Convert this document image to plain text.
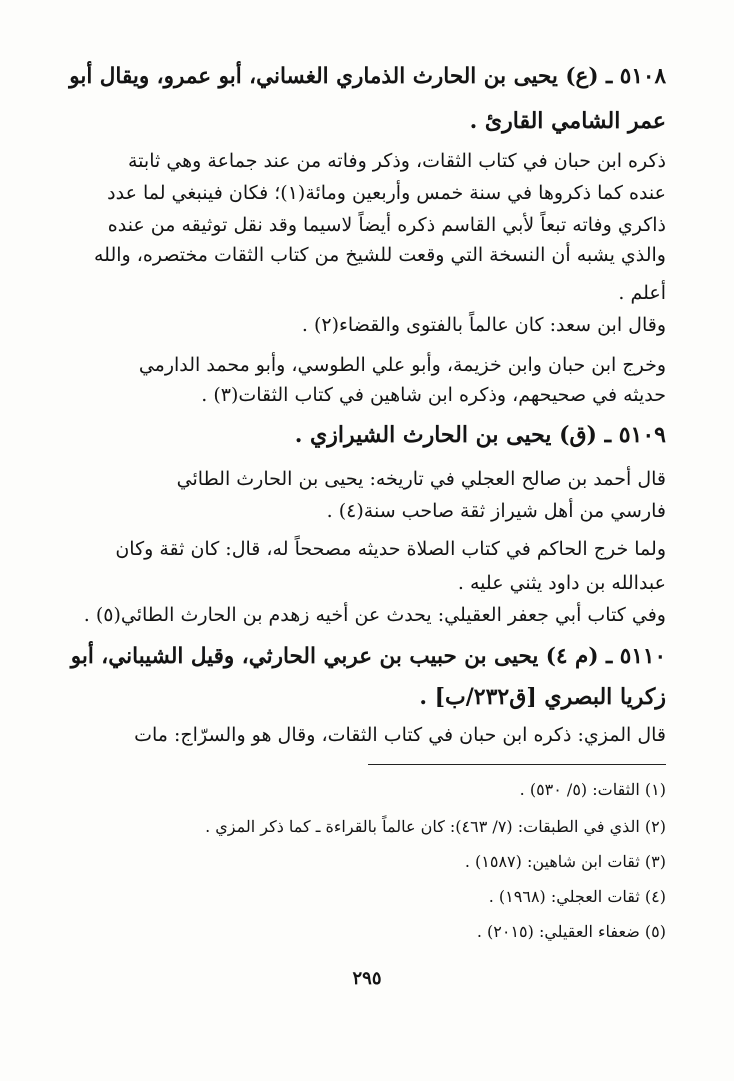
٥١٠٨ ـ (ع) يحيى بن الحارث الذماري الغساني، أبو عمرو، ويقال أبو
عمر الشامي القارئ .
ذكره ابن حبان في كتاب الثقات، وذكر وفاته من عند جماعة وهي ثابتة
عنده كما ذكروها في سنة خمس وأربعين ومائة(١)؛ فكان فينبغي لما عدد
ذاكري وفاته تبعاً لأبي القاسم ذكره أيضاً لاسيما وقد نقل توثيقه من عنده
والذي يشبه أن النسخة التي وقعت للشيخ من كتاب الثقات مختصره، والله
أعلم .
وقال ابن سعد: كان عالماً بالفتوى والقضاء(٢) .
وخرج ابن حبان وابن خزيمة، وأبو علي الطوسي، وأبو محمد الدارمي
حديثه في صحيحهم، وذكره ابن شاهين في كتاب الثقات(٣) .
٥١٠٩ ـ (ق) يحيى بن الحارث الشيرازي .
قال أحمد بن صالح العجلي في تاريخه: يحيى بن الحارث الطائي
فارسي من أهل شيراز ثقة صاحب سنة(٤) .
ولما خرج الحاكم في كتاب الصلاة حديثه مصححاً له، قال: كان ثقة وكان
عبدالله بن داود يثني عليه .
وفي كتاب أبي جعفر العقيلي: يحدث عن أخيه زهدم بن الحارث الطائي(٥) .
٥١١٠ ـ (م ٤) يحيى بن حبيب بن عربي الحارثي، وقيل الشيباني، أبو
زكريا البصري [ق٢٣٢/ب] .
قال المزي: ذكره ابن حبان في كتاب الثقات، وقال هو والسرّاج: مات
(١) الثقات: (٥/ ٥٣٠) .
(٢) الذي في الطبقات: (٧/ ٤٦٣): كان عالماً بالقراءة ـ كما ذكر المزي .
(٣) ثقات ابن شاهين: (١٥٨٧) .
(٤) ثقات العجلي: (١٩٦٨) .
(٥) ضعفاء العقيلي: (٢٠١٥) .
٢٩٥
